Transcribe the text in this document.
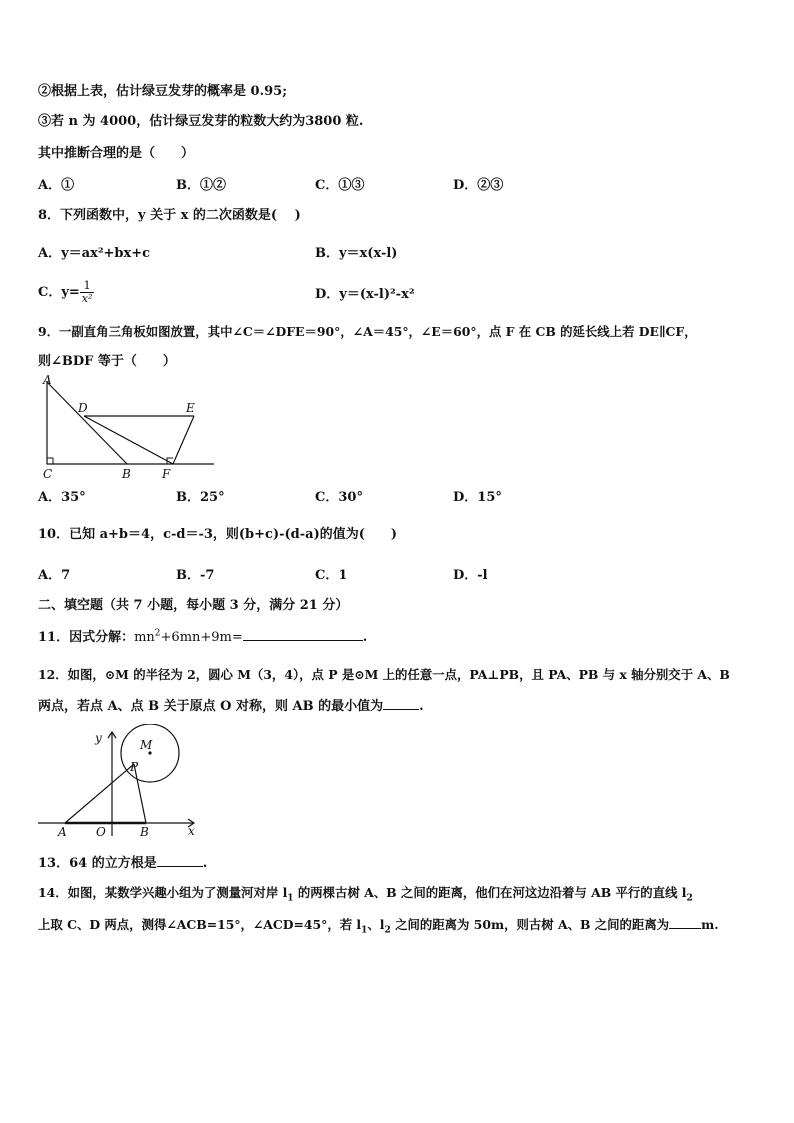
②根据上表，估计绿豆发芽的概率是 0.95;
③若 n 为 4000，估计绿豆发芽的粒数大约为3800 粒.
其中推断合理的是（　　）
A．①	B．①②	C．①③	D．②③
8．下列函数中，y 关于 x 的二次函数是(　 )
A．y＝ax²+bx+c	B．y＝x(x-l)
C．$y= \frac{1}{\text{x²}}$	D．y＝(x-l)²-x²
9．一副直角三角板如图放置，其中∠C＝∠DFE＝90°，∠A＝45°，∠E＝60°，点 F 在 CB 的延长线上若 DE∥CF，
则∠BDF 等于（　　）
A
D	E
C	B	F
A．35°	B．25°	C．30°	D．15°
10．已知 a+b＝4，c-d＝-3，则(b+c)-(d-a)的值为(　　)
A．7	B．-7	C．1	D．-l
二、填空题（共 7 小题，每小题 3 分，满分 21 分）
11．因式分解：$mn^2+6mn+9m=$	.
12．如图，⊙M 的半径为 2，圆心 M（3，4），点 P 是⊙M 上的任意一点，PA⊥PB，且 PA、PB 与 x 轴分别交于 A、B
两点，若点 A、点 B 关于原点 O 对称，则 AB 的最小值为	.
y
x
M
P
A O	B
13．64 的立方根是	.
14．如图，某数学兴趣小组为了测量河对岸 $l_1$ 的两棵古树 A、B 之间的距离，他们在河这边沿着与 AB 平行的直线 $l_2$
上取 C、D 两点，测得∠ACB=15°，∠ACD=45°，若 $l_1$、$l_2$ 之间的距离为 50m，则古树 A、B 之间的距离为	m.
